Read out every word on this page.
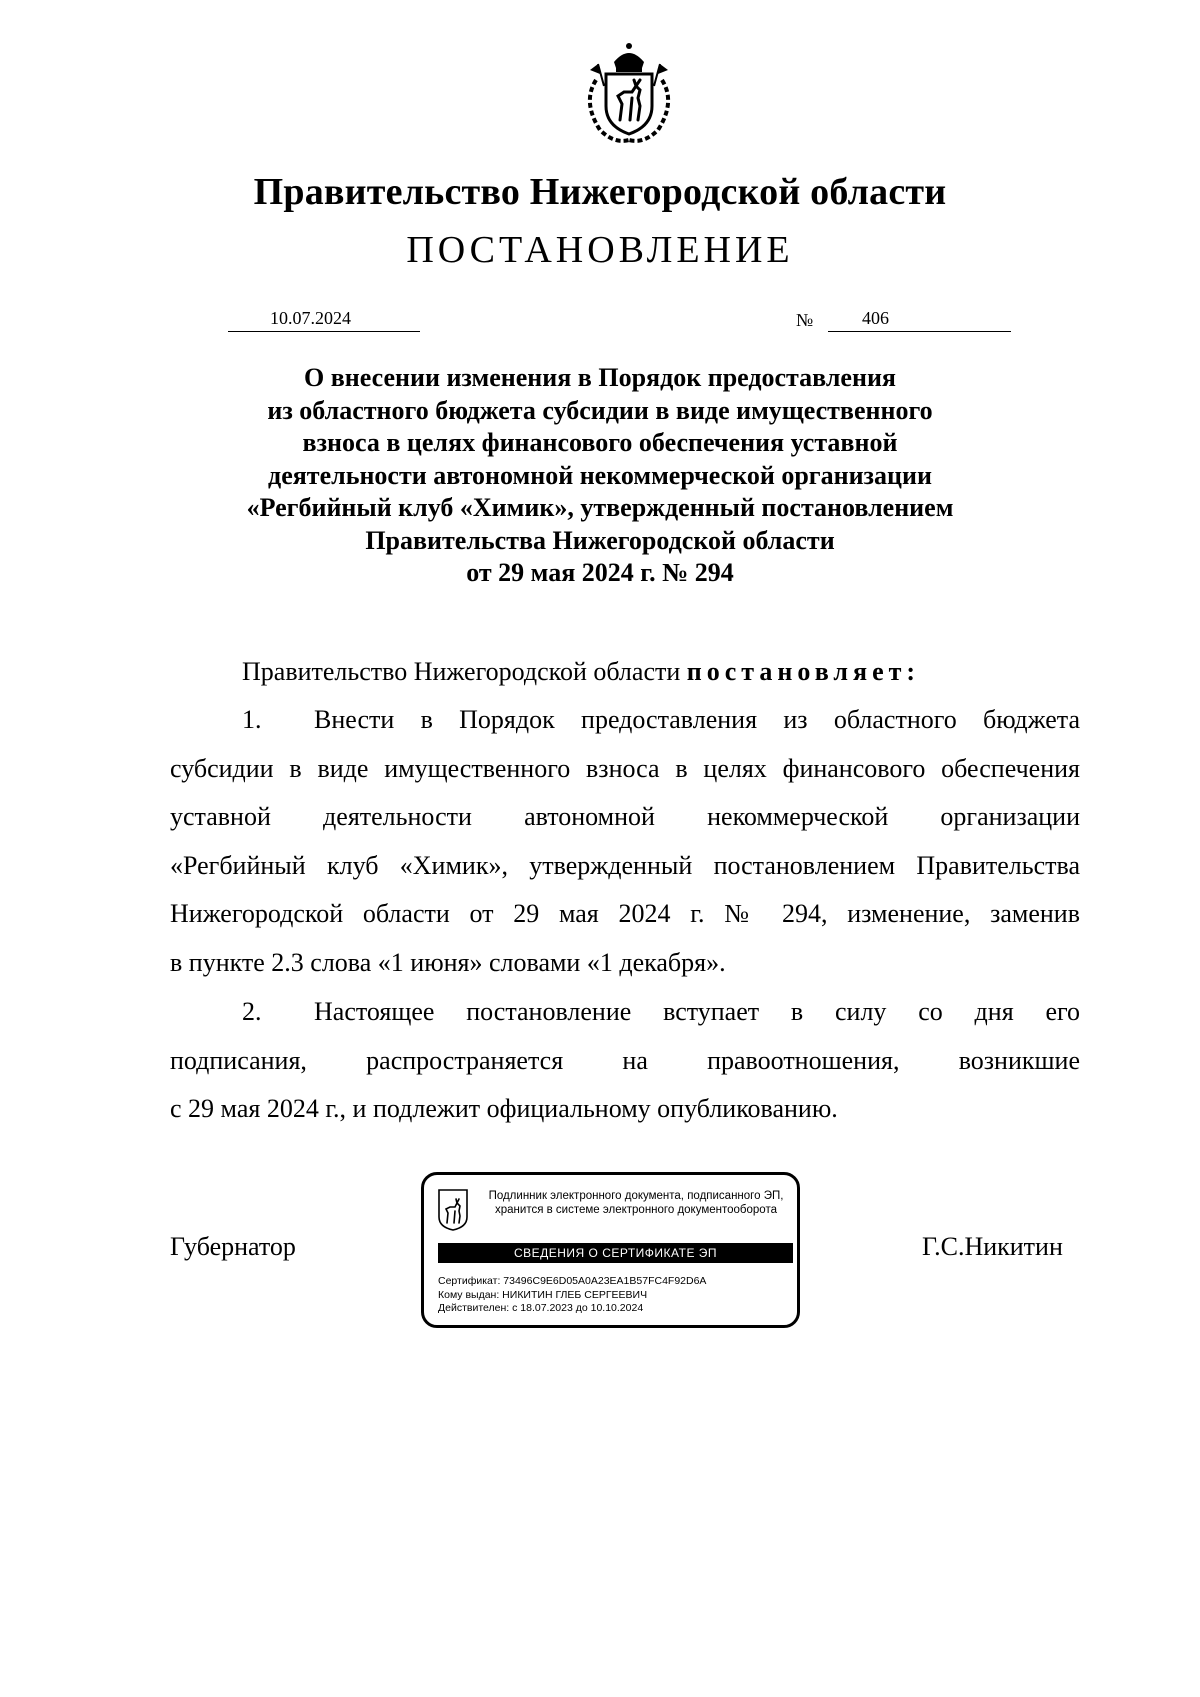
Правительство Нижегородской области
ПОСТАНОВЛЕНИЕ
10.07.2024	№	406
О внесении изменения в Порядок предоставления
из областного бюджета субсидии в виде имущественного
взноса в целях финансового обеспечения уставной
деятельности автономной некоммерческой организации
«Регбийный клуб «Химик», утвержденный постановлением
Правительства Нижегородской области
от 29 мая 2024 г. № 294
Правительство Нижегородской области постановляет:
1. Внести в Порядок предоставления из областного бюджета
субсидии в виде имущественного взноса в целях финансового обеспечения
уставной деятельности автономной некоммерческой организации
«Регбийный клуб «Химик», утвержденный постановлением Правительства
Нижегородской области от 29 мая 2024 г. № 294, изменение, заменив
в пункте 2.3 слова «1 июня» словами «1 декабря».
2. Настоящее постановление вступает в силу со дня его
подписания, распространяется на правоотношения, возникшие
с 29 мая 2024 г., и подлежит официальному опубликованию.
Губернатор	Г.С.Никитин
Подлинник электронного документа, подписанного ЭП,
хранится в системе электронного документооборота
СВЕДЕНИЯ О СЕРТИФИКАТЕ ЭП
Сертификат: 73496C9E6D05A0A23EA1B57FC4F92D6A
Кому выдан: НИКИТИН ГЛЕБ СЕРГЕЕВИЧ
Действителен: с 18.07.2023 до 10.10.2024
